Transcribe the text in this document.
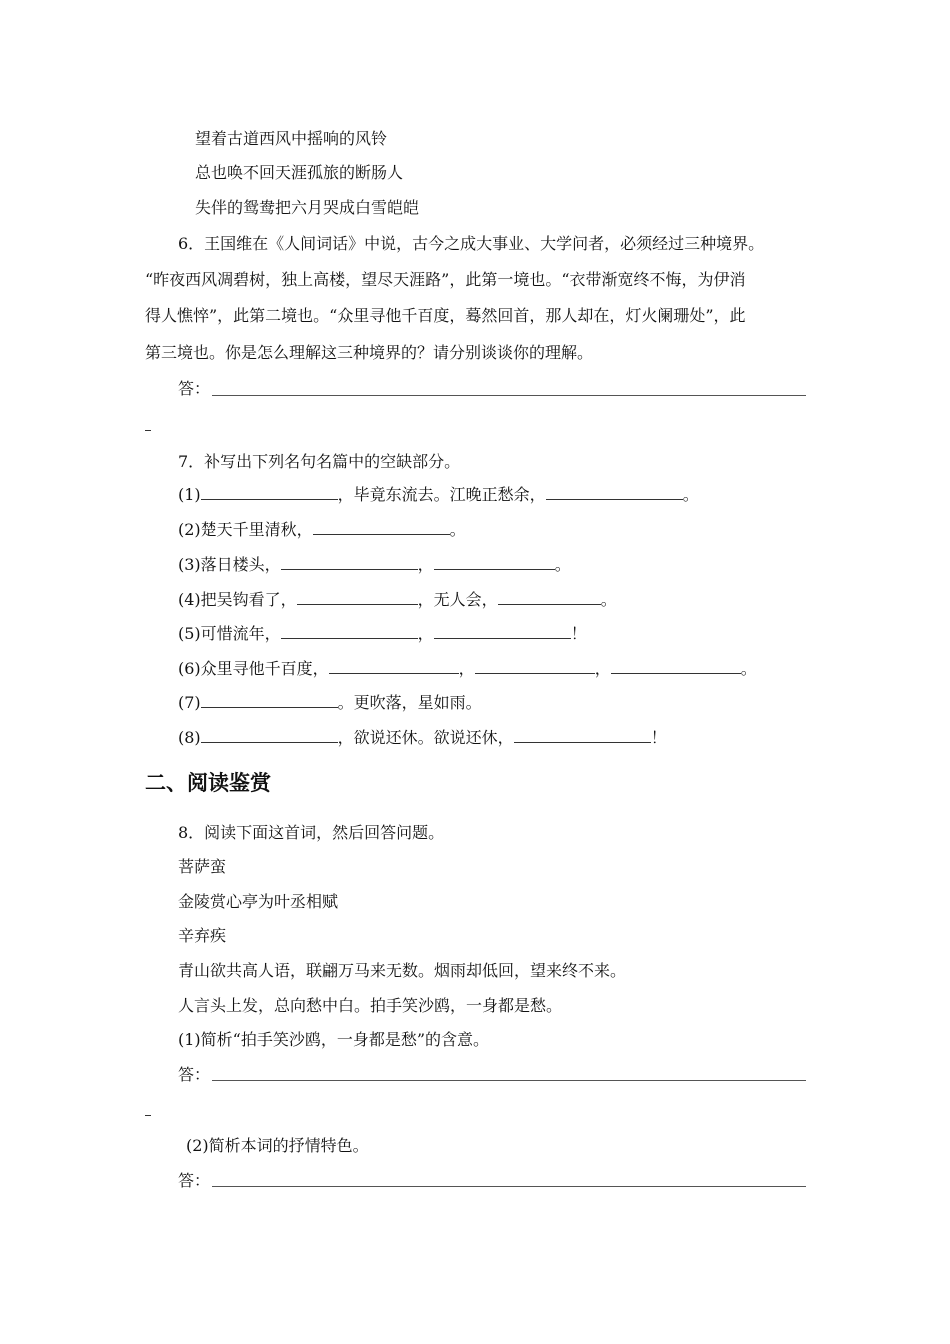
望着古道西风中摇响的风铃
总也唤不回天涯孤旅的断肠人
失伴的鸳鸯把六月哭成白雪皑皑
6．王国维在《人间词话》中说，古今之成大事业、大学问者，必须经过三种境界。
“昨夜西风凋碧树，独上高楼，望尽天涯路”，此第一境也。“衣带渐宽终不悔，为伊消
得人憔悴”，此第二境也。“众里寻他千百度，蓦然回首，那人却在，灯火阑珊处”，此
第三境也。你是怎么理解这三种境界的？请分别谈谈你的理解。
答：
7．补写出下列名句名篇中的空缺部分。
(1)	，毕竟东流去。江晚正愁余，	。
(2)楚天千里清秋，	。
(3)落日楼头，	，	。
(4)把吴钩看了，	，无人会，	。
(5)可惜流年，	，	！
(6)众里寻他千百度，	，	，	。
(7)	。更吹落，星如雨。
(8)	，欲说还休。欲说还休，	！
二、阅读鉴赏
8．阅读下面这首词，然后回答问题。
菩萨蛮
金陵赏心亭为叶丞相赋
辛弃疾
青山欲共高人语，联翩万马来无数。烟雨却低回，望来终不来。
人言头上发，总向愁中白。拍手笑沙鸥，一身都是愁。
(1)简析“拍手笑沙鸥，一身都是愁”的含意。
答：
(2)简析本词的抒情特色。
答：
